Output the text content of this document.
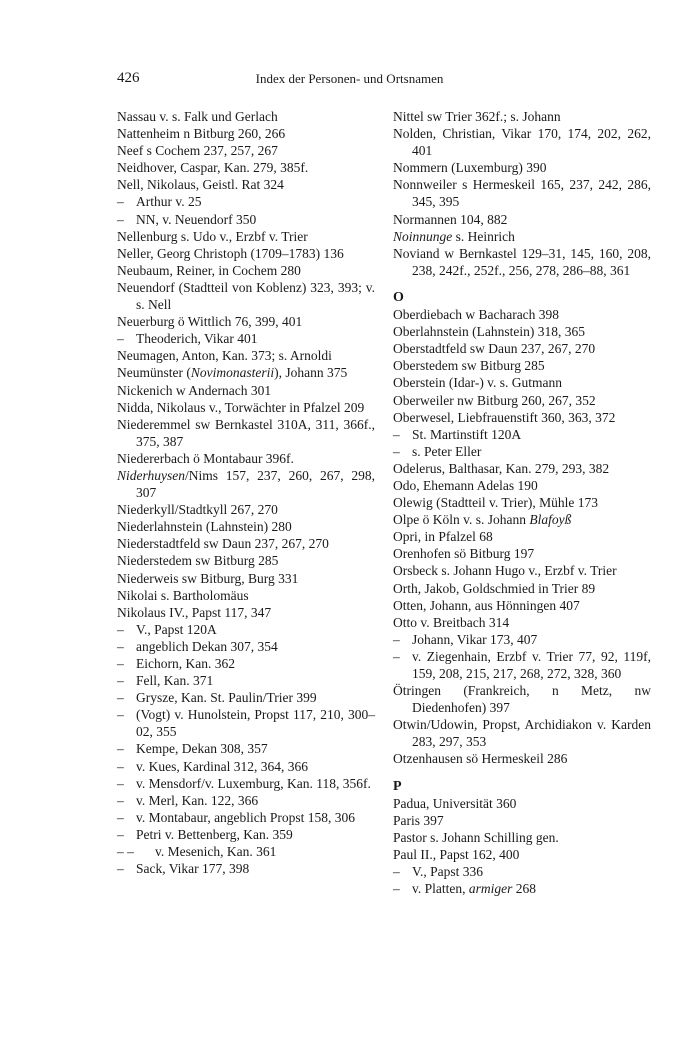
426	Index der Personen- und Ortsnamen
Nassau v. s. Falk und Gerlach
Nattenheim n Bitburg 260, 266
Neef s Cochem 237, 257, 267
Neidhover, Caspar, Kan. 279, 385f.
Nell, Nikolaus, Geistl. Rat 324
– Arthur v. 25
– NN, v. Neuendorf 350
Nellenburg s. Udo v., Erzbf v. Trier
Neller, Georg Christoph (1709–1783) 136
Neubaum, Reiner, in Cochem 280
Neuendorf (Stadtteil von Koblenz) 323, 393; v. s. Nell
Neuerburg ö Wittlich 76, 399, 401
– Theoderich, Vikar 401
Neumagen, Anton, Kan. 373; s. Arnoldi
Neumünster (Novimonasterii), Johann 375
Nickenich w Andernach 301
Nidda, Nikolaus v., Torwächter in Pfalzel 209
Niederemmel sw Bernkastel 310A, 311, 366f., 375, 387
Niedererbach ö Montabaur 396f.
Niderhuysen/Nims 157, 237, 260, 267, 298, 307
Niederkyll/Stadtkyll 267, 270
Niederlahnstein (Lahnstein) 280
Niederstadtfeld sw Daun 237, 267, 270
Niederstedem sw Bitburg 285
Niederweis sw Bitburg, Burg 331
Nikolai s. Bartholomäus
Nikolaus IV., Papst 117, 347
– V., Papst 120A
– angeblich Dekan 307, 354
– Eichorn, Kan. 362
– Fell, Kan. 371
– Grysze, Kan. St. Paulin/Trier 399
– (Vogt) v. Hunolstein, Propst 117, 210, 300–02, 355
– Kempe, Dekan 308, 357
– v. Kues, Kardinal 312, 364, 366
– v. Mensdorf/v. Luxemburg, Kan. 118, 356f.
– v. Merl, Kan. 122, 366
– v. Montabaur, angeblich Propst 158, 306
– Petri v. Bettenberg, Kan. 359
– – v. Mesenich, Kan. 361
– Sack, Vikar 177, 398
Nittel sw Trier 362f.; s. Johann
Nolden, Christian, Vikar 170, 174, 202, 262, 401
Nommern (Luxemburg) 390
Nonnweiler s Hermeskeil 165, 237, 242, 286, 345, 395
Normannen 104, 882
Noinnunge s. Heinrich
Noviand w Bernkastel 129–31, 145, 160, 208, 238, 242f., 252f., 256, 278, 286–88, 361
O
Oberdiebach w Bacharach 398
Oberlahnstein (Lahnstein) 318, 365
Oberstadtfeld sw Daun 237, 267, 270
Oberstedem sw Bitburg 285
Oberstein (Idar-) v. s. Gutmann
Oberweiler nw Bitburg 260, 267, 352
Oberwesel, Liebfrauenstift 360, 363, 372
– St. Martinstift 120A
– s. Peter Eller
Odelerus, Balthasar, Kan. 279, 293, 382
Odo, Ehemann Adelas 190
Olewig (Stadtteil v. Trier), Mühle 173
Olpe ö Köln v. s. Johann Blafoyß
Opri, in Pfalzel 68
Orenhofen sö Bitburg 197
Orsbeck s. Johann Hugo v., Erzbf v. Trier
Orth, Jakob, Goldschmied in Trier 89
Otten, Johann, aus Hönningen 407
Otto v. Breitbach 314
– Johann, Vikar 173, 407
– v. Ziegenhain, Erzbf v. Trier 77, 92, 119f, 159, 208, 215, 217, 268, 272, 328, 360
Ötringen (Frankreich, n Metz, nw Diedenhofen) 397
Otwin/Udowin, Propst, Archidiakon v. Karden 283, 297, 353
Otzenhausen sö Hermeskeil 286
P
Padua, Universität 360
Paris 397
Pastor s. Johann Schilling gen.
Paul II., Papst 162, 400
– V., Papst 336
– v. Platten, armiger 268
